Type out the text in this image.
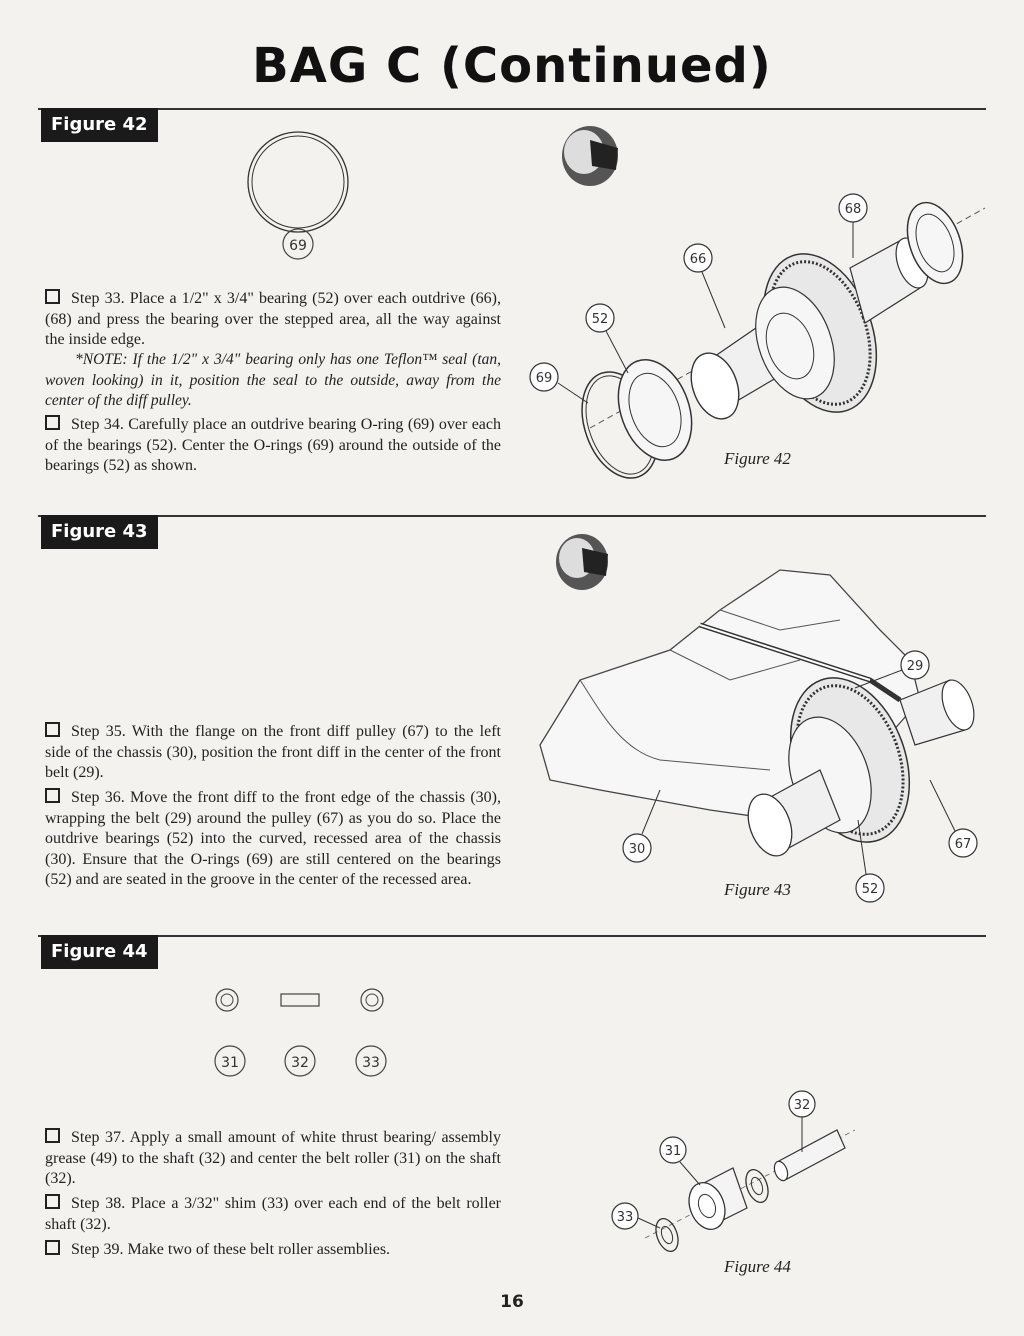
BAG C (Continued)
Figure 42
69
Step 33. Place a 1/2" x 3/4" bearing (52) over each outdrive (66), (68) and press the bearing over the stepped area, all the way against the inside edge.
*NOTE: If the 1/2" x 3/4" bearing only has one Teflon™ seal (tan, woven looking) in it, position the seal to the outside, away from the center of the diff pulley.
Step 34. Carefully place an outdrive bearing O-ring (69) over each of the bearings (52). Center the O-rings (69) around the outside of the bearings (52) as shown.
68
66
52
69
Figure 42
Figure 43
Step 35. With the flange on the front diff pulley (67) to the left side of the chassis (30), position the front diff in the center of the front belt (29).
Step 36. Move the front diff to the front edge of the chassis (30), wrapping the belt (29) around the pulley (67) as you do so. Place the outdrive bearings (52) into the curved, recessed area of the chassis (30). Ensure that the O-rings (69) are still centered on the bearings (52) and are seated in the groove in the center of the recessed area.
29
30	67
52
Figure 43
Figure 44
31	32	33
Step 37. Apply a small amount of white thrust bearing/ assembly grease (49) to the shaft (32) and center the belt roller (31) on the shaft (32).
Step 38. Place a 3/32" shim (33) over each end of the belt roller shaft (32).
Step 39. Make two of these belt roller assemblies.
32
31
33
Figure 44
16
